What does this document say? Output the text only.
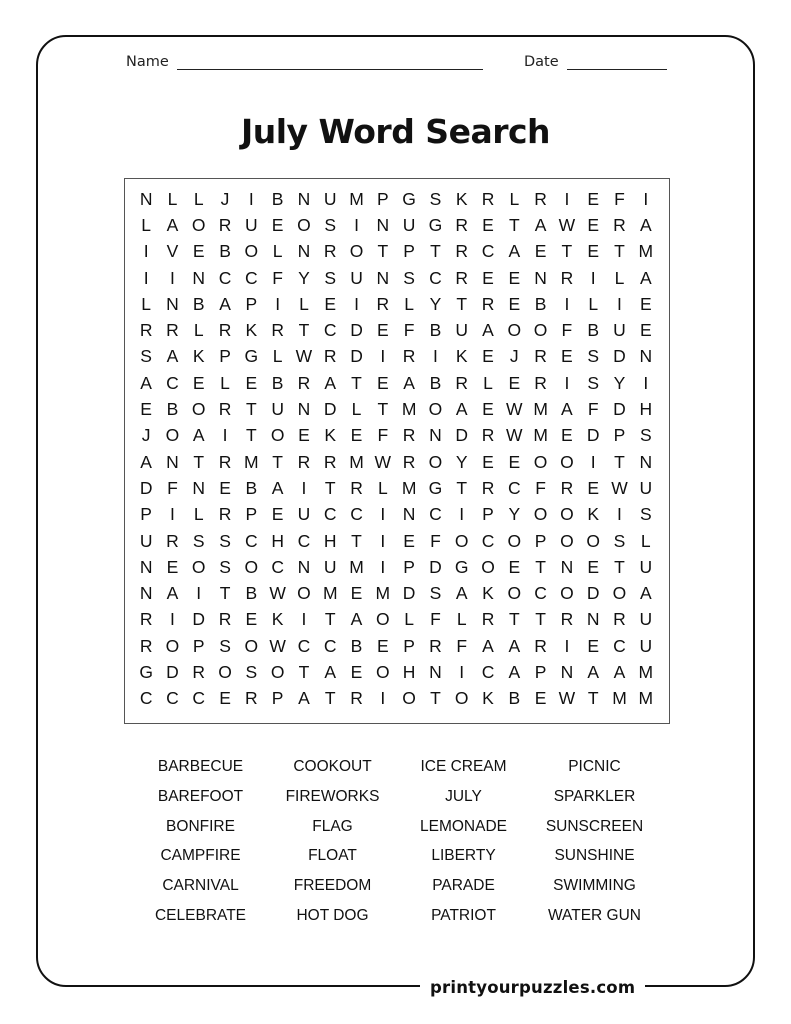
Name	Date
July Word Search
N L L J	I	B N U M P G S K R L R	I	E F	I
L A O R U E O S	I	N U G R E T A W E R A
I	V E B O L N R O T P T R C A E T E T M
I	I	N C C F Y S U N S C R E E N R	I	L A
L N B A P	I	L E	I	R L Y T R E B	I	L	I	E
R R L R K R T C D E F B U A O O F B U E
S A K P G L W R D	I	R	I	K E J R E S D N
A C E L E B R A T E A B R L E R	I	S Y	I
E B O R T U N D L T M O A E W M A F D H
J O A	I	T O E K E F R N D R W M E D P S
A N T R M T R R M W R O Y E E O O I	T N
D F N E B A	I	T R L M G T R C F R E W U
P	I	L R P E U C C	I	N C	I	P Y O O K	I	S
U R S S C H C H T	I	E F O C O P O O S L
N E O S O C N U M I	P D G O E T N E T U
N A	I	T B W O M E M D S A K O C O D O A
R	I	D R E K	I	T A O L F L R T T R N R U
R O P S O W C C B E P R F A A R	I	E C U
G D R O S O T A E O H N	I	C A P N A A M
C C C E R P A T R	I O T O K B E W T M M
BARBECUE	COOKOUT	ICE CREAM	PICNIC
BAREFOOT	FIREWORKS	JULY	SPARKLER
BONFIRE	FLAG	LEMONADE	SUNSCREEN
CAMPFIRE	FLOAT	LIBERTY	SUNSHINE
CARNIVAL	FREEDOM	PARADE	SWIMMING
CELEBRATE	HOT DOG	PATRIOT	WATER GUN
printyourpuzzles.com
